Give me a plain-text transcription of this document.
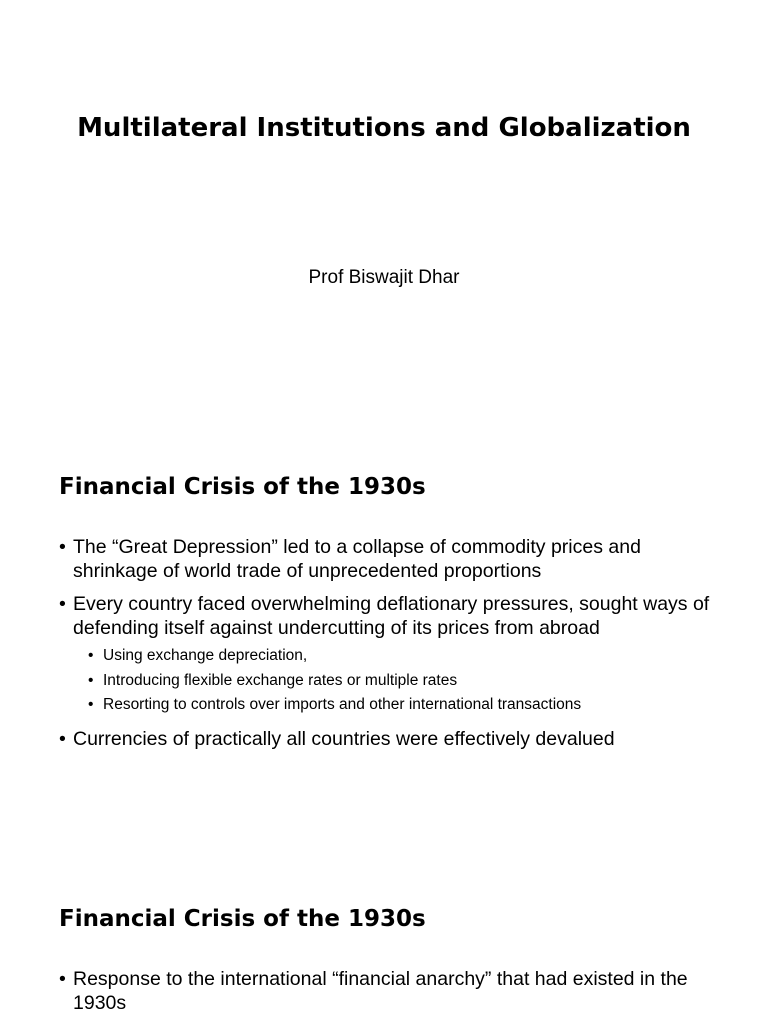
Multilateral Institutions and Globalization

Prof Biswajit Dhar

Financial Crisis of the 1930s
• The “Great Depression” led to a collapse of commodity prices and shrinkage of world trade of unprecedented proportions
• Every country faced overwhelming deflationary pressures, sought ways of defending itself against undercutting of its prices from abroad
• Using exchange depreciation,
• Introducing flexible exchange rates or multiple rates
• Resorting to controls over imports and other international transactions
• Currencies of practically all countries were effectively devalued
Financial Crisis of the 1930s
• Response to the international “financial anarchy” that had existed in the 1930s
